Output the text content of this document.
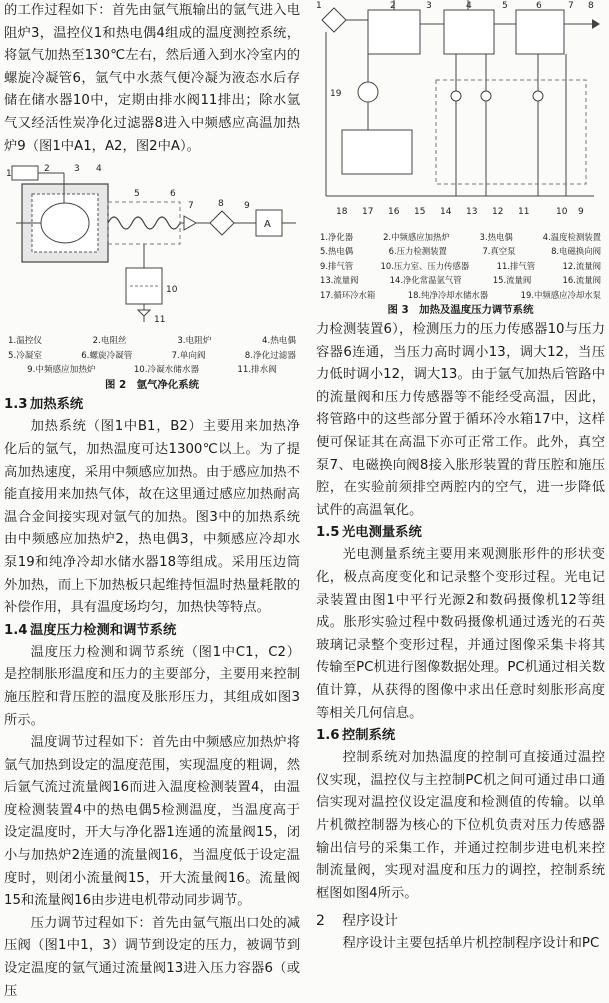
的工作过程如下：首先由氩气瓶输出的氩气进入电阻炉3，温控仪1和热电偶4组成的温度测控系统，将氩气加热至130℃左右，然后通入到水冷室内的螺旋冷凝管6，氩气中水蒸气便冷凝为液态水后存储在储水器10中，定期由排水阀11排出；除水氩气又经活性炭净化过滤器8进入中频感应高温加热炉9（图1中A1，A2，图2中A）。

1	2	3 4
5	6
7	8 9
10
11
A
1.温控仪	2.电阻丝	3.电阻炉	4.热电偶
5.冷凝室	6.螺旋冷凝管	7.单向阀	8.净化过滤器
9.中频感应加热炉	10.冷凝水储水器	11.排水阀
图 2　氩气净化系统
1.3 加热系统

加热系统（图1中B1，B2）主要用来加热净化后的氩气，加热温度可达1300℃以上。为了提高加热速度，采用中频感应加热。由于感应加热不能直接用来加热气体，故在这里通过感应加热耐高温合金间接实现对氩气的加热。图3中的加热系统由中频感应加热炉2，热电偶3，中频感应冷却水泵19和纯净冷却水储水器18等组成。采用压边筒外加热，而上下加热板只起维持恒温时热量耗散的补偿作用，具有温度场均匀，加热快等特点。

1.4 温度压力检测和调节系统

温度压力检测和调节系统（图1中C1，C2）是控制胀形温度和压力的主要部分，主要用来控制施压腔和背压腔的温度及胀形压力，其组成如图3所示。

温度调节过程如下：首先由中频感应加热炉将氩气加热到设定的温度范围，实现温度的粗调，然后氩气流过流量阀16而进入温度检测装置4，由温度检测装置4中的热电偶5检测温度，当温度高于设定温度时，开大与净化器1连通的流量阀15，闭小与加热炉2连通的流量阀16，当温度低于设定温度时，则闭小流量阀15，开大流量阀16。流量阀15和流量阀16由步进电机带动同步调节。

压力调节过程如下：首先由氩气瓶出口处的减压阀（图1中1，3）调节到设定的压力，被调节到设定温度的氩气通过流量阀13进入压力容器6（或压

1	2	3	4	5	6	7 8
19
18 17 16 15 14 13 12 11	10 9
1.净化器	2.中频感应加热炉	3.热电偶	4.温度检测装置
5.热电偶	6.压力检测装置	7.真空泵	8.电磁换向阀
9.排气管	10.压力室、压力传感器	11.排气管	12.流量阀
13.流量阀	14.净化常温氩气管	15.流量阀	16.流量阀
17.循环冷水箱	18.纯净冷却水储水器	19.中频感应冷却水泵
图 3　加热及温度压力调节系统

力检测装置6），检测压力的压力传感器10与压力容器6连通，当压力高时调小13，调大12，当压力低时调小12，调大13。由于氩气加热后管路中的流量阀和压力传感器等不能经受高温，因此，将管路中的这些部分置于循环冷水箱17中，这样便可保证其在高温下亦可正常工作。此外，真空泵7、电磁换向阀8接入胀形装置的背压腔和施压腔，在实验前须排空两腔内的空气，进一步降低试件的高温氧化。

1.5 光电测量系统

光电测量系统主要用来观测胀形件的形状变化，极点高度变化和记录整个变形过程。光电记录装置由图1中平行光源2和数码摄像机12等组成。胀形实验过程中数码摄像机通过透光的石英玻璃记录整个变形过程，并通过图像采集卡将其传输至PC机进行图像数据处理。PC机通过相关数值计算，从获得的图像中求出任意时刻胀形高度等相关几何信息。

1.6 控制系统

控制系统对加热温度的控制可直接通过温控仪实现，温控仪与主控制PC机之间可通过串口通信实现对温控仪设定温度和检测值的传输。以单片机微控制器为核心的下位机负责对压力传感器输出信号的采集工作，并通过控制步进电机来控制流量阀，实现对温度和压力的调控，控制系统框图如图4所示。

2 程序设计

程序设计主要包括单片机控制程序设计和PC
